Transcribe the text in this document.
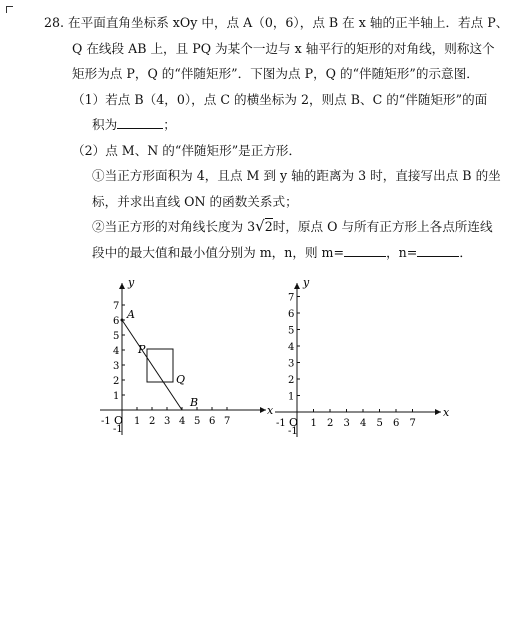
28. 在平面直角坐标系 xOy 中，点 A（0，6），点 B 在 x 轴的正半轴上．若点 P、
Q 在线段 AB 上，且 PQ 为某个一边与 x 轴平行的矩形的对角线，则称这个
矩形为点 P，Q 的“伴随矩形”．下图为点 P，Q 的“伴随矩形”的示意图．
（1）若点 B（4，0），点 C 的横坐标为 2，则点 B、C 的“伴随矩形”的面
积为	；
（2）点 M、N 的“伴随矩形”是正方形．
①当正方形面积为 4，且点 M 到 y 轴的距离为 3 时，直接写出点 B 的坐
标，并求出直线 ON 的函数关系式；
②当正方形的对角线长度为 3√2时，原点 O 与所有正方形上各点所连线
段中的最大值和最小值分别为 m，n，则 m=	，n=	．
1 2 3 4 5 6 7
1
2
3
4
5
6
7
x
y
O
-1
-1
A
P
Q
B
1 2 3 4 5 6 7
1
2
3
4
5
6
7
x
y
O
-1
-1
